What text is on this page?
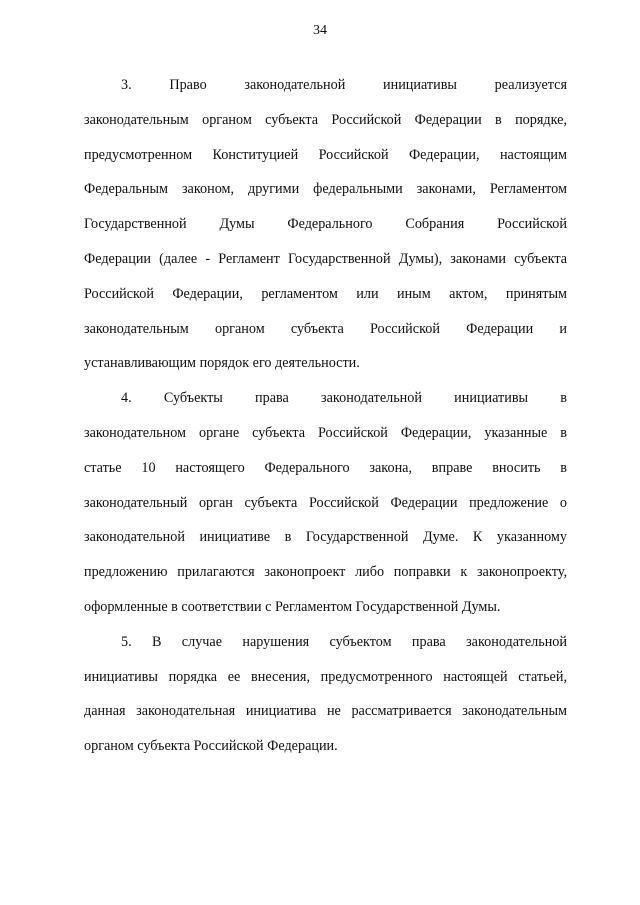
34
3. Право законодательной инициативы реализуется
законодательным органом субъекта Российской Федерации в порядке,
предусмотренном Конституцией Российской Федерации, настоящим
Федеральным законом, другими федеральными законами, Регламентом
Государственной Думы Федерального Собрания Российской
Федерации (далее - Регламент Государственной Думы), законами субъекта
Российской Федерации, регламентом или иным актом, принятым
законодательным органом субъекта Российской Федерации и
устанавливающим порядок его деятельности.
4. Субъекты права законодательной инициативы в
законодательном органе субъекта Российской Федерации, указанные в
статье 10 настоящего Федерального закона, вправе вносить в
законодательный орган субъекта Российской Федерации предложение о
законодательной инициативе в Государственной Думе. К указанному
предложению прилагаются законопроект либо поправки к законопроекту,
оформленные в соответствии с Регламентом Государственной Думы.
5. В случае нарушения субъектом права законодательной
инициативы порядка ее внесения, предусмотренного настоящей статьей,
данная законодательная инициатива не рассматривается законодательным
органом субъекта Российской Федерации.
